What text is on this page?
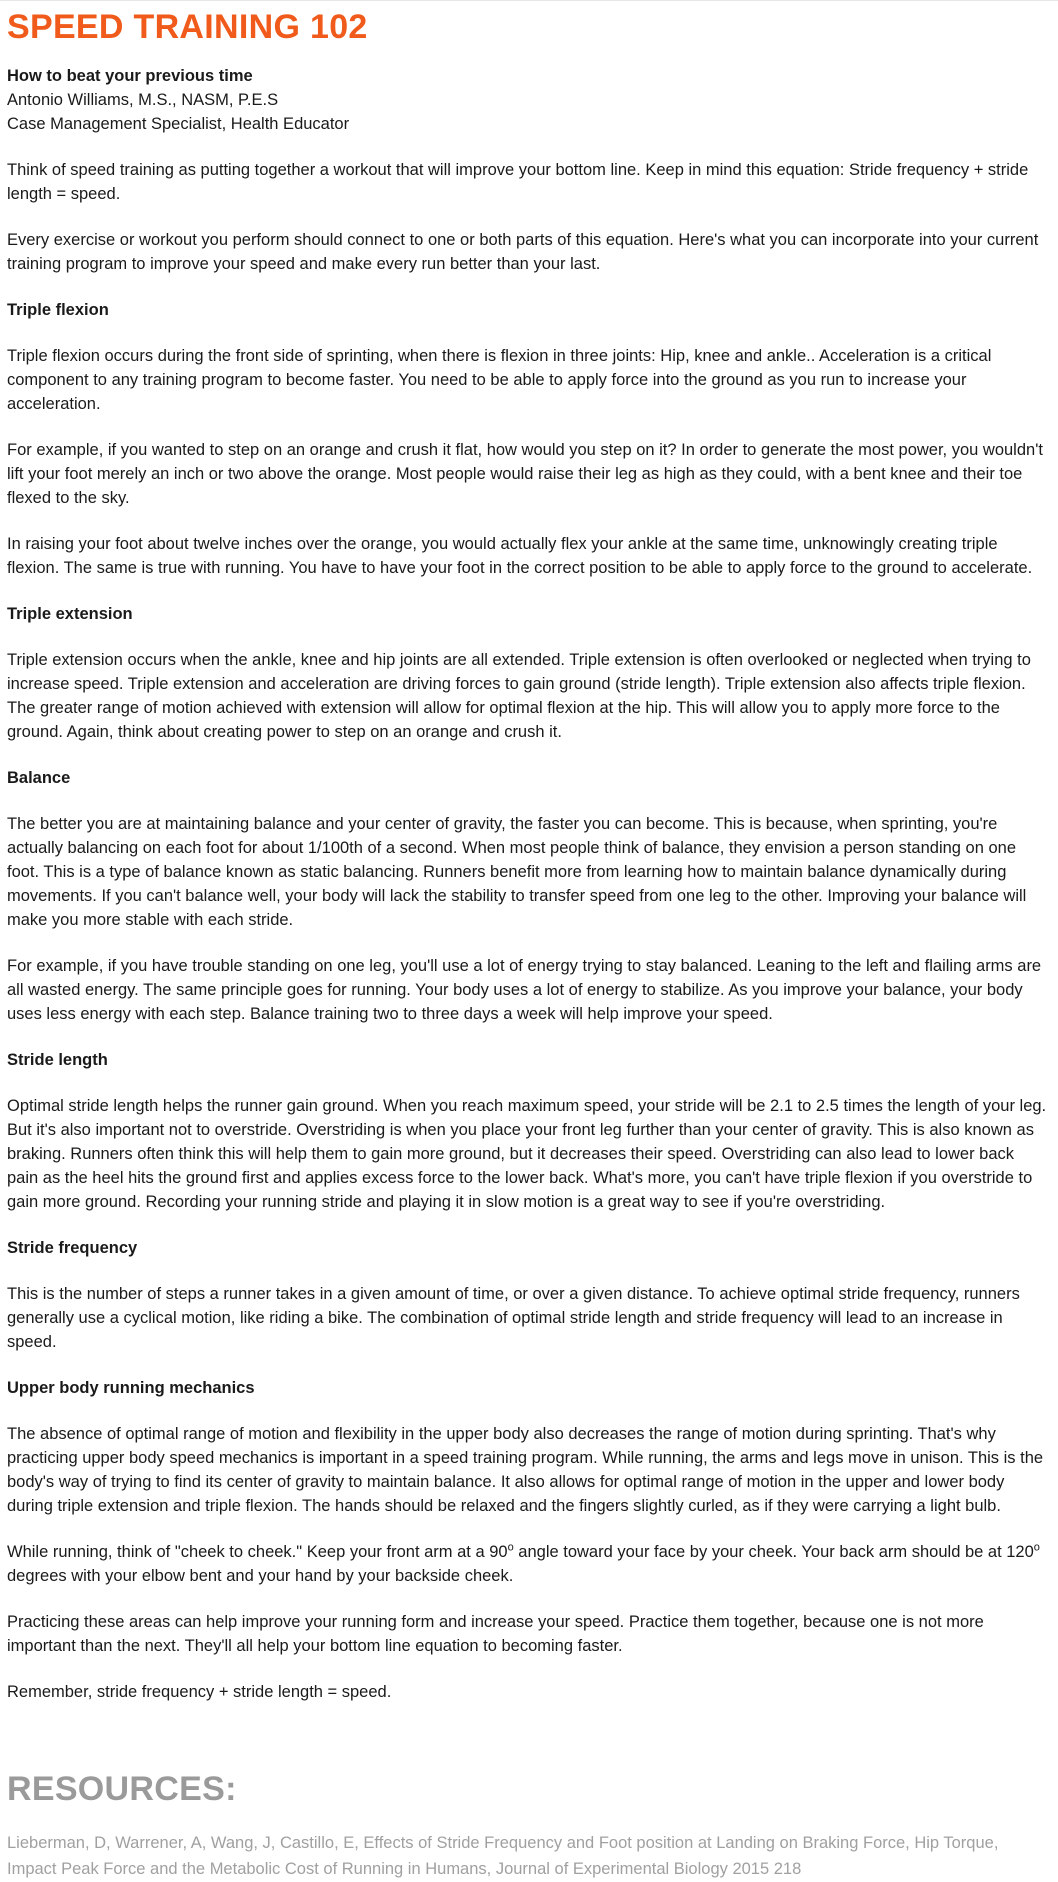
SPEED TRAINING 102
How to beat your previous time
Antonio Williams, M.S., NASM, P.E.S
Case Management Specialist, Health Educator

Think of speed training as putting together a workout that will improve your bottom line. Keep in mind this equation: Stride frequency + stride length = speed.

Every exercise or workout you perform should connect to one or both parts of this equation. Here's what you can incorporate into your current training program to improve your speed and make every run better than your last.

Triple flexion

Triple flexion occurs during the front side of sprinting, when there is flexion in three joints: Hip, knee and ankle.. Acceleration is a critical component to any training program to become faster. You need to be able to apply force into the ground as you run to increase your acceleration.

For example, if you wanted to step on an orange and crush it flat, how would you step on it? In order to generate the most power, you wouldn't lift your foot merely an inch or two above the orange. Most people would raise their leg as high as they could, with a bent knee and their toe flexed to the sky.

In raising your foot about twelve inches over the orange, you would actually flex your ankle at the same time, unknowingly creating triple flexion. The same is true with running. You have to have your foot in the correct position to be able to apply force to the ground to accelerate.

Triple extension

Triple extension occurs when the ankle, knee and hip joints are all extended. Triple extension is often overlooked or neglected when trying to increase speed. Triple extension and acceleration are driving forces to gain ground (stride length). Triple extension also affects triple flexion. The greater range of motion achieved with extension will allow for optimal flexion at the hip. This will allow you to apply more force to the ground. Again, think about creating power to step on an orange and crush it.

Balance

The better you are at maintaining balance and your center of gravity, the faster you can become. This is because, when sprinting, you're actually balancing on each foot for about 1/100th of a second. When most people think of balance, they envision a person standing on one foot. This is a type of balance known as static balancing. Runners benefit more from learning how to maintain balance dynamically during movements. If you can't balance well, your body will lack the stability to transfer speed from one leg to the other. Improving your balance will make you more stable with each stride.

For example, if you have trouble standing on one leg, you'll use a lot of energy trying to stay balanced. Leaning to the left and flailing arms are all wasted energy. The same principle goes for running. Your body uses a lot of energy to stabilize. As you improve your balance, your body uses less energy with each step. Balance training two to three days a week will help improve your speed.

Stride length

Optimal stride length helps the runner gain ground. When you reach maximum speed, your stride will be 2.1 to 2.5 times the length of your leg. But it's also important not to overstride. Overstriding is when you place your front leg further than your center of gravity. This is also known as braking. Runners often think this will help them to gain more ground, but it decreases their speed. Overstriding can also lead to lower back pain as the heel hits the ground first and applies excess force to the lower back. What's more, you can't have triple flexion if you overstride to gain more ground. Recording your running stride and playing it in slow motion is a great way to see if you're overstriding.

Stride frequency

This is the number of steps a runner takes in a given amount of time, or over a given distance. To achieve optimal stride frequency, runners generally use a cyclical motion, like riding a bike. The combination of optimal stride length and stride frequency will lead to an increase in speed.

Upper body running mechanics

The absence of optimal range of motion and flexibility in the upper body also decreases the range of motion during sprinting. That's why practicing upper body speed mechanics is important in a speed training program. While running, the arms and legs move in unison. This is the body's way of trying to find its center of gravity to maintain balance. It also allows for optimal range of motion in the upper and lower body during triple extension and triple flexion. The hands should be relaxed and the fingers slightly curled, as if they were carrying a light bulb.

While running, think of "cheek to cheek." Keep your front arm at a 90$^o$ angle toward your face by your cheek. Your back arm should be at 120$^o$ degrees with your elbow bent and your hand by your backside cheek.

Practicing these areas can help improve your running form and increase your speed. Practice them together, because one is not more important than the next. They'll all help your bottom line equation to becoming faster.

Remember, stride frequency + stride length = speed.

RESOURCES:

Lieberman, D, Warrener, A, Wang, J, Castillo, E, Effects of Stride Frequency and Foot position at Landing on Braking Force, Hip Torque, Impact Peak Force and the Metabolic Cost of Running in Humans, Journal of Experimental Biology 2015 218
